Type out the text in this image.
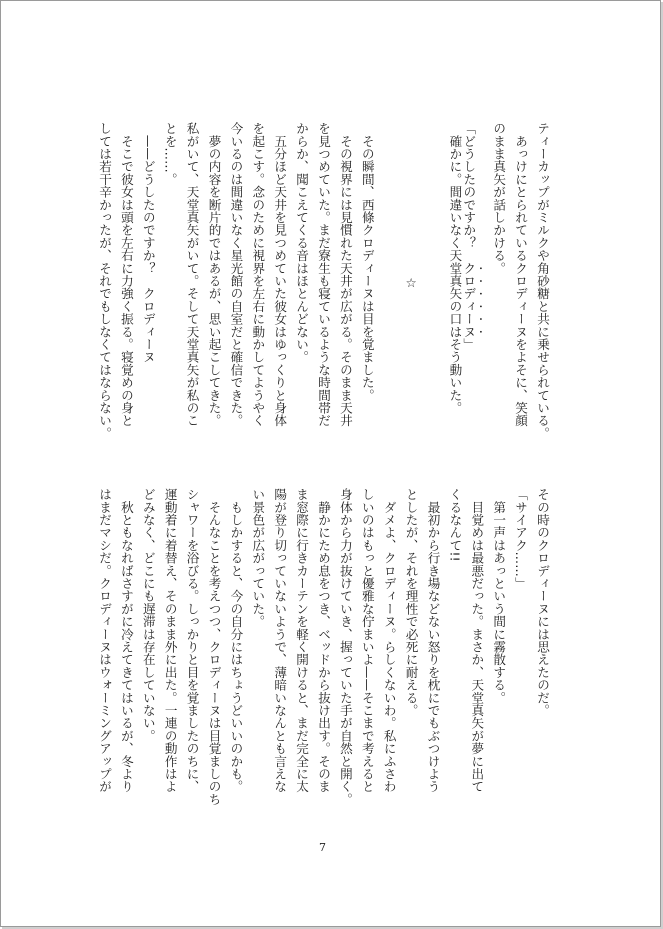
ティーカップがミルクや角砂糖と共に乗せられている。
　あっけにとられているクロディーヌをよそに、笑顔
のまま真矢が話しかける。
「どうしたのですか？　クロディーヌ」
　確かに。間違いなく天堂真矢の口はそう動いた。
☆
　その瞬間、西條クロディーヌは目を覚ました。
　その視界には見慣れた天井が広がる。そのまま天井
を見つめていた。まだ寮生も寝ているような時間帯だ
からか、聞こえてくる音はほとんどない。
　五分ほど天井を見つめていた彼女はゆっくりと身体
を起こす。念のために視界を左右に動かしてようやく
今いるのは間違いなく星光館の自室だと確信できた。
　夢の内容を断片的ではあるが、思い起こしてきた。
私がいて、天堂真矢がいて。そして天堂真矢が私のこ
とを……。
　——どうしたのですか？　クロディーヌ
　そこで彼女は頭を左右に力強く振る。寝覚めの身と
しては若干辛かったが、それでもしなくてはならない。
その時のクロディーヌには思えたのだ。
「サイアク……」
　第一声はあっという間に霧散する。
　目覚めは最悪だった。まさか、天堂真矢が夢に出て
くるなんて!!
　最初から行き場などない怒りを枕にでもぶつけよう
としたが、それを理性で必死に耐える。
　ダメよ、クロディーヌ。らしくないわ。私にふさわ
しいのはもっと優雅な佇まいよ——そこまで考えると
身体から力が抜けていき、握っていた手が自然と開く。
　静かにため息をつき、ベッドから抜け出す。そのま
ま窓際に行きカーテンを軽く開けると、まだ完全に太
陽が登り切っていないようで、薄暗いなんとも言えな
い景色が広がっていた。
　もしかすると、今の自分にはちょうどいいのかも。
　そんなことを考えつつ、クロディーヌは目覚ましのち
シャワーを浴びる。しっかりと目を覚ましたのちに、
運動着に着替え、そのまま外に出た。一連の動作はよ
どみなく、どこにも遅滞は存在していない。
　秋ともなればさすがに冷えてきてはいるが、冬より
はまだマシだ。クロディーヌはウォーミングアップが
7
